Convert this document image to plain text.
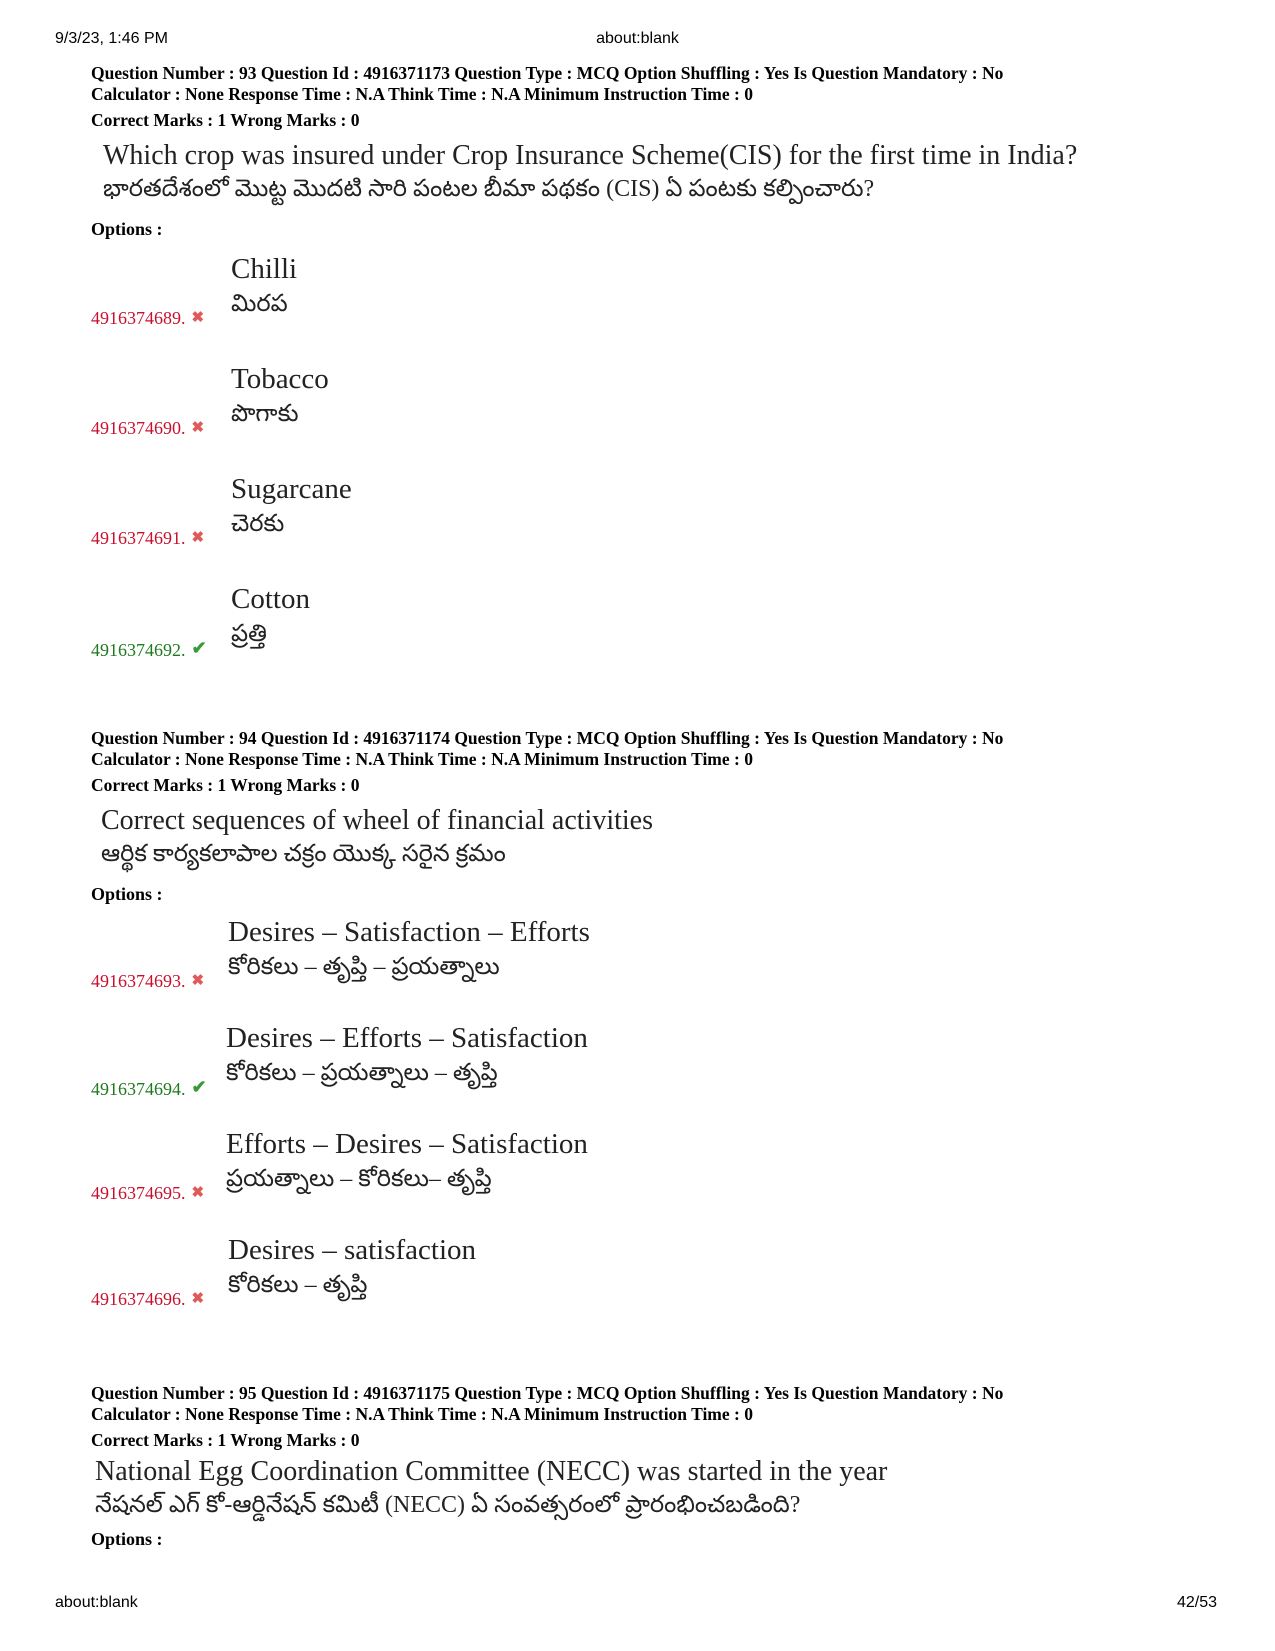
9/3/23, 1:46 PM	about:blank
Question Number : 93 Question Id : 4916371173 Question Type : MCQ Option Shuffling : Yes Is Question Mandatory : No
Calculator : None Response Time : N.A Think Time : N.A Minimum Instruction Time : 0
Correct Marks : 1 Wrong Marks : 0
Which crop was insured under Crop Insurance Scheme(CIS) for the first time in India?
భారతదేశంలో మొట్ట మొదటి సారి పంటల బీమా పథకం (CIS) ఏ పంటకు కల్పించారు?
Options :
Chilli
మిరప
4916374689. ✖
Tobacco
పొగాకు
4916374690. ✖
Sugarcane
చెరకు
4916374691. ✖
Cotton
ప్రత్తి
4916374692. ✔
Question Number : 94 Question Id : 4916371174 Question Type : MCQ Option Shuffling : Yes Is Question Mandatory : No
Calculator : None Response Time : N.A Think Time : N.A Minimum Instruction Time : 0
Correct Marks : 1 Wrong Marks : 0
Correct sequences of wheel of financial activities
ఆర్థిక కార్యకలాపాల చక్రం యొక్క సరైన క్రమం
Options :
Desires – Satisfaction – Efforts
కోరికలు – తృప్తి – ప్రయత్నాలు
4916374693. ✖
Desires – Efforts – Satisfaction
కోరికలు – ప్రయత్నాలు – తృప్తి
4916374694. ✔
Efforts – Desires – Satisfaction
ప్రయత్నాలు – కోరికలు– తృప్తి
4916374695. ✖
Desires – satisfaction
కోరికలు – తృప్తి
4916374696. ✖
Question Number : 95 Question Id : 4916371175 Question Type : MCQ Option Shuffling : Yes Is Question Mandatory : No
Calculator : None Response Time : N.A Think Time : N.A Minimum Instruction Time : 0
Correct Marks : 1 Wrong Marks : 0
National Egg Coordination Committee (NECC) was started in the year
నేషనల్ ఎగ్ కో-ఆర్డినేషన్ కమిటీ (NECC) ఏ సంవత్సరంలో ప్రారంభించబడింది?
Options :
about:blank	42/53
